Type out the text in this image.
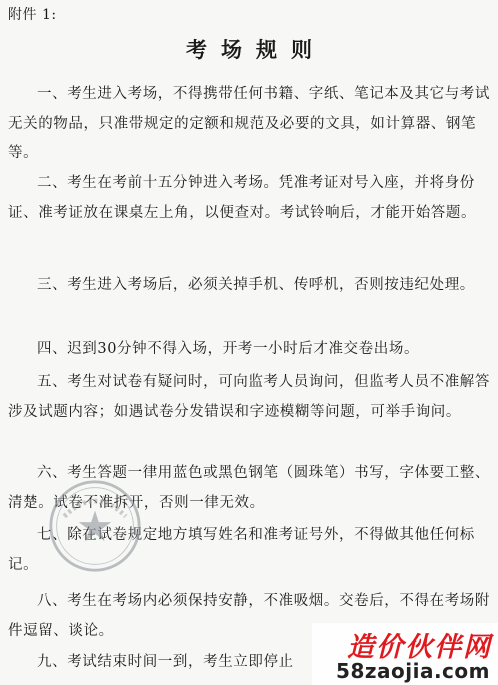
附件 1:
考场规则

一、考生进入考场，不得携带任何书籍、字纸、笔记本及其它与考试无关的物品，只准带规定的定额和规范及必要的文具，如计算器、钢笔等。

二、考生在考前十五分钟进入考场。凭准考证对号入座，并将身份证、准考证放在课桌左上角，以便查对。考试铃响后，才能开始答题。

三、考生进入考场后，必须关掉手机、传呼机，否则按违纪处理。

四、迟到30分钟不得入场，开考一小时后才准交卷出场。

五、考生对试卷有疑问时，可向监考人员询问，但监考人员不准解答涉及试题内容；如遇试卷分发错误和字迹模糊等问题，可举手询问。

六、考生答题一律用蓝色或黑色钢笔（圆珠笔）书写，字体要工整、清楚。试卷不准拆开，否则一律无效。

七、除在试卷规定地方填写姓名和准考证号外，不得做其他任何标记。

八、考生在考场内必须保持安静，不准吸烟。交卷后，不得在考场附件逗留、谈论。

九、考试结束时间一到，考生立即停止	造价伙伴网
58zaojia.com
